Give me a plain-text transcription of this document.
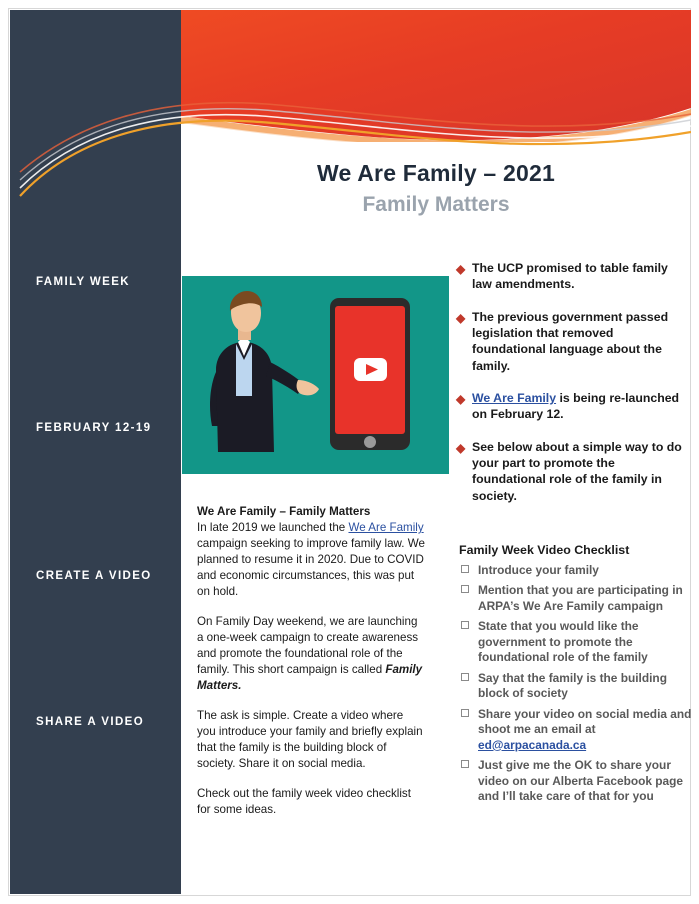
FAMILY WEEK
FEBRUARY 12-19
CREATE A VIDEO
SHARE A VIDEO
We Are Family – 2021
Family Matters

We Are Family – Family Matters

In late 2019 we launched the We Are Family campaign seeking to improve family law. We planned to resume it in 2020. Due to COVID and economic circumstances, this was put on hold.

On Family Day weekend, we are launching a one-week campaign to create awareness and promote the foundational role of the family. This short campaign is called Family Matters.

The ask is simple. Create a video where you introduce your family and briefly explain that the family is the building block of society. Share it on social media.

Check out the family week video checklist for some ideas.

◆ The UCP promised to table family law amendments.
◆ The previous government passed legislation that removed foundational language about the family.
◆ We Are Family is being re-launched on February 12.
◆ See below about a simple way to do your part to promote the foundational role of the family in society.
Family Week Video Checklist
Introduce your family
Mention that you are participating in ARPA’s We Are Family campaign
State that you would like the government to promote the foundational role of the family
Say that the family is the building block of society
Share your video on social media and shoot me an email at ed@arpacanada.ca
Just give me the OK to share your video on our Alberta Facebook page and I’ll take care of that for you
